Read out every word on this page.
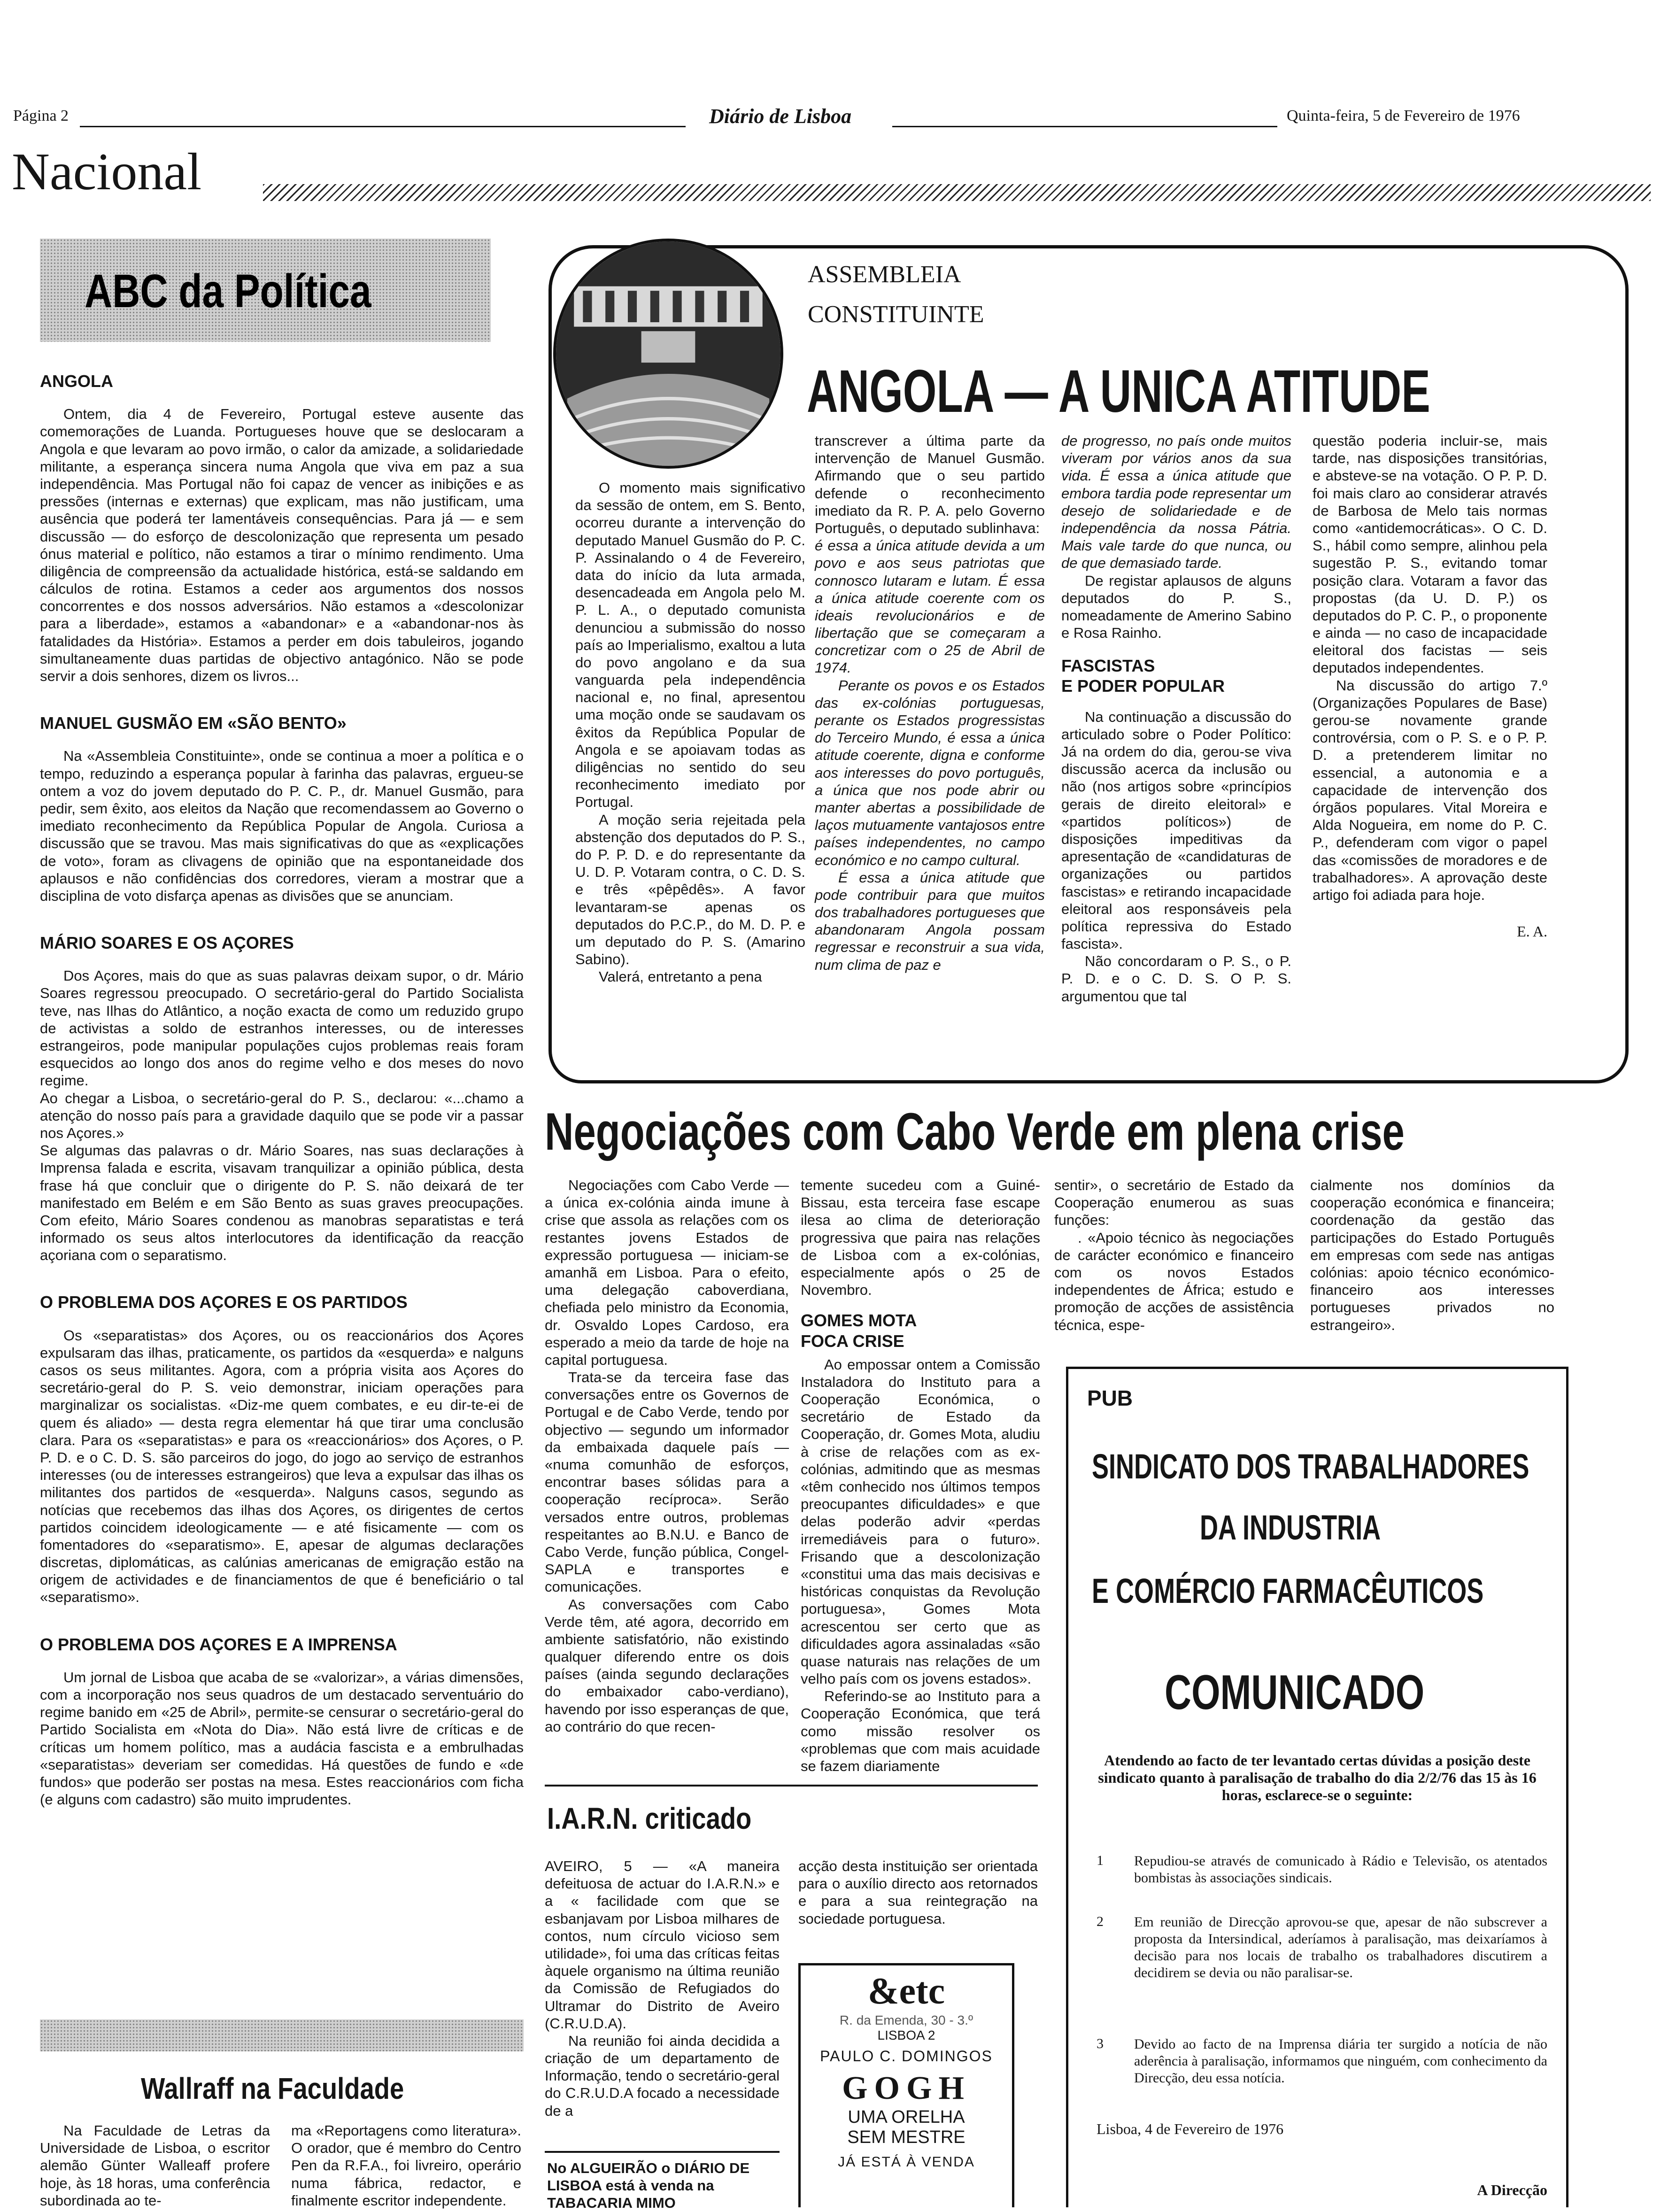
Página 2	Diário de Lisboa	Quinta-feira, 5 de Fevereiro de 1976
Nacional
ABC da Política
ANGOLA

Ontem, dia 4 de Fevereiro, Portugal esteve ausente das comemorações de Luanda. Portugueses houve que se deslocaram a Angola e que levaram ao povo irmão, o calor da amizade, a solidariedade militante, a esperança sincera numa Angola que viva em paz a sua independência. Mas Portugal não foi capaz de vencer as inibições e as pressões (internas e externas) que explicam, mas não justificam, uma ausência que poderá ter lamentáveis consequências. Para já — e sem discussão — do esforço de descolonização que representa um pesado ónus material e político, não estamos a tirar o mínimo rendimento. Uma diligência de compreensão da actualidade histórica, está-se saldando em cálculos de rotina. Estamos a ceder aos argumentos dos nossos concorrentes e dos nossos adversários. Não estamos a «descolonizar para a liberdade», estamos a «abandonar» e a «abandonar-nos às fatalidades da História». Estamos a perder em dois tabuleiros, jogando simultaneamente duas partidas de objectivo antagónico. Não se pode servir a dois senhores, dizem os livros...

MANUEL GUSMÃO EM «SÃO BENTO»

Na «Assembleia Constituinte», onde se continua a moer a política e o tempo, reduzindo a esperança popular à farinha das palavras, ergueu-se ontem a voz do jovem deputado do P. C. P., dr. Manuel Gusmão, para pedir, sem êxito, aos eleitos da Nação que recomendassem ao Governo o imediato reconhecimento da República Popular de Angola. Curiosa a discussão que se travou. Mas mais significativas do que as «explicações de voto», foram as clivagens de opinião que na espontaneidade dos aplausos e não confidências dos corredores, vieram a mostrar que a disciplina de voto disfarça apenas as divisões que se anunciam.

MÁRIO SOARES E OS AÇORES

Dos Açores, mais do que as suas palavras deixam supor, o dr. Mário Soares regressou preocupado. O secretário-geral do Partido Socialista teve, nas Ilhas do Atlântico, a noção exacta de como um reduzido grupo de activistas a soldo de estranhos interesses, ou de interesses estrangeiros, pode manipular populações cujos problemas reais foram esquecidos ao longo dos anos do regime velho e dos meses do novo regime.

Ao chegar a Lisboa, o secretário-geral do P. S., declarou: «...chamo a atenção do nosso país para a gravidade daquilo que se pode vir a passar nos Açores.»

Se algumas das palavras o dr. Mário Soares, nas suas declarações à Imprensa falada e escrita, visavam tranquilizar a opinião pública, desta frase há que concluir que o dirigente do P. S. não deixará de ter manifestado em Belém e em São Bento as suas graves preocupações. Com efeito, Mário Soares condenou as manobras separatistas e terá informado os seus altos interlocutores da identificação da reacção açoriana com o separatismo.

O PROBLEMA DOS AÇORES E OS PARTIDOS

Os «separatistas» dos Açores, ou os reaccionários dos Açores expulsaram das ilhas, praticamente, os partidos da «esquerda» e nalguns casos os seus militantes. Agora, com a própria visita aos Açores do secretário-geral do P. S. veio demonstrar, iniciam operações para marginalizar os socialistas. «Diz-me quem combates, e eu dir-te-ei de quem és aliado» — desta regra elementar há que tirar uma conclusão clara. Para os «separatistas» e para os «reaccionários» dos Açores, o P. P. D. e o C. D. S. são parceiros do jogo, do jogo ao serviço de estranhos interesses (ou de interesses estrangeiros) que leva a expulsar das ilhas os militantes dos partidos de «esquerda». Nalguns casos, segundo as notícias que recebemos das ilhas dos Açores, os dirigentes de certos partidos coincidem ideologicamente — e até fisicamente — com os fomentadores do «separatismo». E, apesar de algumas declarações discretas, diplomáticas, as calúnias americanas de emigração estão na origem de actividades e de financiamentos de que é beneficiário o tal «separatismo».

O PROBLEMA DOS AÇORES E A IMPRENSA

Um jornal de Lisboa que acaba de se «valorizar», a várias dimensões, com a incorporação nos seus quadros de um destacado serventuário do regime banido em «25 de Abril», permite-se censurar o secretário-geral do Partido Socialista em «Nota do Dia». Não está livre de críticas e de críticas um homem político, mas a audácia fascista e a embrulhadas «separatistas» deveriam ser comedidas. Há questões de fundo e «de fundos» que poderão ser postas na mesa. Estes reaccionários com ficha (e alguns com cadastro) são muito imprudentes.

Wallraff na Faculdade

Na Faculdade de Letras da Universidade de Lisboa, o escritor alemão Günter Walleaff profere hoje, às 18 horas, uma conferência subordinada ao te-

ma «Reportagens como literatura». O orador, que é membro do Centro Pen da R.F.A., foi livreiro, operário numa fábrica, redactor, e finalmente escritor independente.

ASSEMBLEIA
CONSTITUINTE
ANGOLA — A UNICA ATITUDE

O momento mais significativo da sessão de ontem, em S. Bento, ocorreu durante a intervenção do deputado Manuel Gusmão do P. C. P. Assinalando o 4 de Fevereiro, data do início da luta armada, desencadeada em Angola pelo M. P. L. A., o deputado comunista denunciou a submissão do nosso país ao Imperialismo, exaltou a luta do povo angolano e da sua vanguarda pela independência nacional e, no final, apresentou uma moção onde se saudavam os êxitos da República Popular de Angola e se apoiavam todas as diligências no sentido do seu reconhecimento imediato por Portugal.

A moção seria rejeitada pela abstenção dos deputados do P. S., do P. P. D. e do representante da U. D. P. Votaram contra, o C. D. S. e três «pêpêdês». A favor levantaram-se apenas os deputados do P.C.P., do M. D. P. e um deputado do P. S. (Amarino Sabino).

Valerá, entretanto a pena

transcrever a última parte da intervenção de Manuel Gusmão. Afirmando que o seu partido defende o reconhecimento imediato da R. P. A. pelo Governo Português, o deputado sublinhava:

é essa a única atitude devida a um povo e aos seus patriotas que connosco lutaram e lutam. É essa a única atitude coerente com os ideais revolucionários e de libertação que se começaram a concretizar com o 25 de Abril de 1974.

Perante os povos e os Estados das ex-colónias portuguesas, perante os Estados progressistas do Terceiro Mundo, é essa a única atitude coerente, digna e conforme aos interesses do povo português, a única que nos pode abrir ou manter abertas a possibilidade de laços mutuamente vantajosos entre países independentes, no campo económico e no campo cultural.

É essa a única atitude que pode contribuir para que muitos dos trabalhadores portugueses que abandonaram Angola possam regressar e reconstruir a sua vida, num clima de paz e

de progresso, no país onde muitos viveram por vários anos da sua vida. É essa a única atitude que embora tardia pode representar um desejo de solidariedade e de independência da nossa Pátria. Mais vale tarde do que nunca, ou de que demasiado tarde.

De registar aplausos de alguns deputados do P. S., nomeadamente de Amerino Sabino e Rosa Rainho.

FASCISTAS
E PODER POPULAR

Na continuação a discussão do articulado sobre o Poder Político: Já na ordem do dia, gerou-se viva discussão acerca da inclusão ou não (nos artigos sobre «princípios gerais de direito eleitoral» e «partidos políticos») de disposições impeditivas da apresentação de «candidaturas de organizações ou partidos fascistas» e retirando incapacidade eleitoral aos responsáveis pela política repressiva do Estado fascista».

Não concordaram o P. S., o P. P. D. e o C. D. S. O P. S. argumentou que tal

questão poderia incluir-se, mais tarde, nas disposições transitórias, e absteve-se na votação. O P. P. D. foi mais claro ao considerar através de Barbosa de Melo tais normas como «antidemocráticas». O C. D. S., hábil como sempre, alinhou pela sugestão P. S., evitando tomar posição clara. Votaram a favor das propostas (da U. D. P.) os deputados do P. C. P., o proponente e ainda — no caso de incapacidade eleitoral dos facistas — seis deputados independentes.

Na discussão do artigo 7.º (Organizações Populares de Base) gerou-se novamente grande controvérsia, com o P. S. e o P. P. D. a pretenderem limitar no essencial, a autonomia e a capacidade de intervenção dos órgãos populares. Vital Moreira e Alda Nogueira, em nome do P. C. P., defenderam com vigor o papel das «comissões de moradores e de trabalhadores». A aprovação deste artigo foi adiada para hoje.

E. A.
Negociações com Cabo Verde em plena crise

Negociações com Cabo Verde — a única ex-colónia ainda imune à crise que assola as relações com os restantes jovens Estados de expressão portuguesa — iniciam-se amanhã em Lisboa. Para o efeito, uma delegação caboverdiana, chefiada pelo ministro da Economia, dr. Osvaldo Lopes Cardoso, era esperado a meio da tarde de hoje na capital portuguesa.

Trata-se da terceira fase das conversações entre os Governos de Portugal e de Cabo Verde, tendo por objectivo — segundo um informador da embaixada daquele país — «numa comunhão de esforços, encontrar bases sólidas para a cooperação recíproca». Serão versados entre outros, problemas respeitantes ao B.N.U. e Banco de Cabo Verde, função pública, Congel-SAPLA e transportes e comunicações.

As conversações com Cabo Verde têm, até agora, decorrido em ambiente satisfatório, não existindo qualquer diferendo entre os dois países (ainda segundo declarações do embaixador cabo-verdiano), havendo por isso esperanças de que, ao contrário do que recen-

temente sucedeu com a Guiné-Bissau, esta terceira fase escape ilesa ao clima de deterioração progressiva que paira nas relações de Lisboa com a ex-colónias, especialmente após o 25 de Novembro.

GOMES MOTA
FOCA CRISE

Ao empossar ontem a Comissão Instaladora do Instituto para a Cooperação Económica, o secretário de Estado da Cooperação, dr. Gomes Mota, aludiu à crise de relações com as ex-colónias, admitindo que as mesmas «têm conhecido nos últimos tempos preocupantes dificuldades» e que delas poderão advir «perdas irremediáveis para o futuro». Frisando que a descolonização «constitui uma das mais decisivas e históricas conquistas da Revolução portuguesa», Gomes Mota acrescentou ser certo que as dificuldades agora assinaladas «são quase naturais nas relações de um velho país com os jovens estados».

Referindo-se ao Instituto para a Cooperação Económica, que terá como missão resolver os «problemas que com mais acuidade se fazem diariamente

sentir», o secretário de Estado da Cooperação enumerou as suas funções:

. «Apoio técnico às negociações de carácter económico e financeiro com os novos Estados independentes de África; estudo e promoção de acções de assistência técnica, espe-

cialmente nos domínios da cooperação económica e financeira; coordenação da gestão das participações do Estado Português em empresas com sede nas antigas colónias: apoio técnico económico-financeiro aos interesses portugueses privados no estrangeiro».

I.A.R.N. criticado

AVEIRO, 5 — «A maneira defeituosa de actuar do I.A.R.N.» e a « facilidade com que se esbanjavam por Lisboa milhares de contos, num círculo vicioso sem utilidade», foi uma das críticas feitas àquele organismo na última reunião da Comissão de Refugiados do Ultramar do Distrito de Aveiro (C.R.U.D.A).

Na reunião foi ainda decidida a criação de um departamento de Informação, tendo o secretário-geral do C.R.U.D.A focado a necessidade de a

acção desta instituição ser orientada para o auxílio directo aos retornados e para a sua reintegração na sociedade portuguesa.

No ALGUEIRÃO o DIÁRIO DE LISBOA está à venda na TABACARIA MIMO
&etc
R. da Emenda, 30 - 3.º
LISBOA 2
PAULO C. DOMINGOS
GOGH
UMA ORELHA
SEM MESTRE
JÁ ESTÁ À VENDA
PUB
SINDICATO DOS TRABALHADORES
DA INDUSTRIA
E COMÉRCIO FARMACÊUTICOS
COMUNICADO
Atendendo ao facto de ter levantado certas dúvidas a posição deste sindicato quanto à paralisação de trabalho do dia 2/2/76 das 15 às 16 horas, esclarece-se o seguinte:
1 Repudiou-se através de comunicado à Rádio e Televisão, os atentados bombistas às associações sindicais.
2 Em reunião de Direcção aprovou-se que, apesar de não subscrever a proposta da Intersindical, aderíamos à paralisação, mas deixaríamos à decisão para nos locais de trabalho os trabalhadores discutirem a decidirem se devia ou não paralisar-se.
3 Devido ao facto de na Imprensa diária ter surgido a notícia de não aderência à paralisação, informamos que ninguém, com conhecimento da Direcção, deu essa notícia.
Lisboa, 4 de Fevereiro de 1976
A Direcção
